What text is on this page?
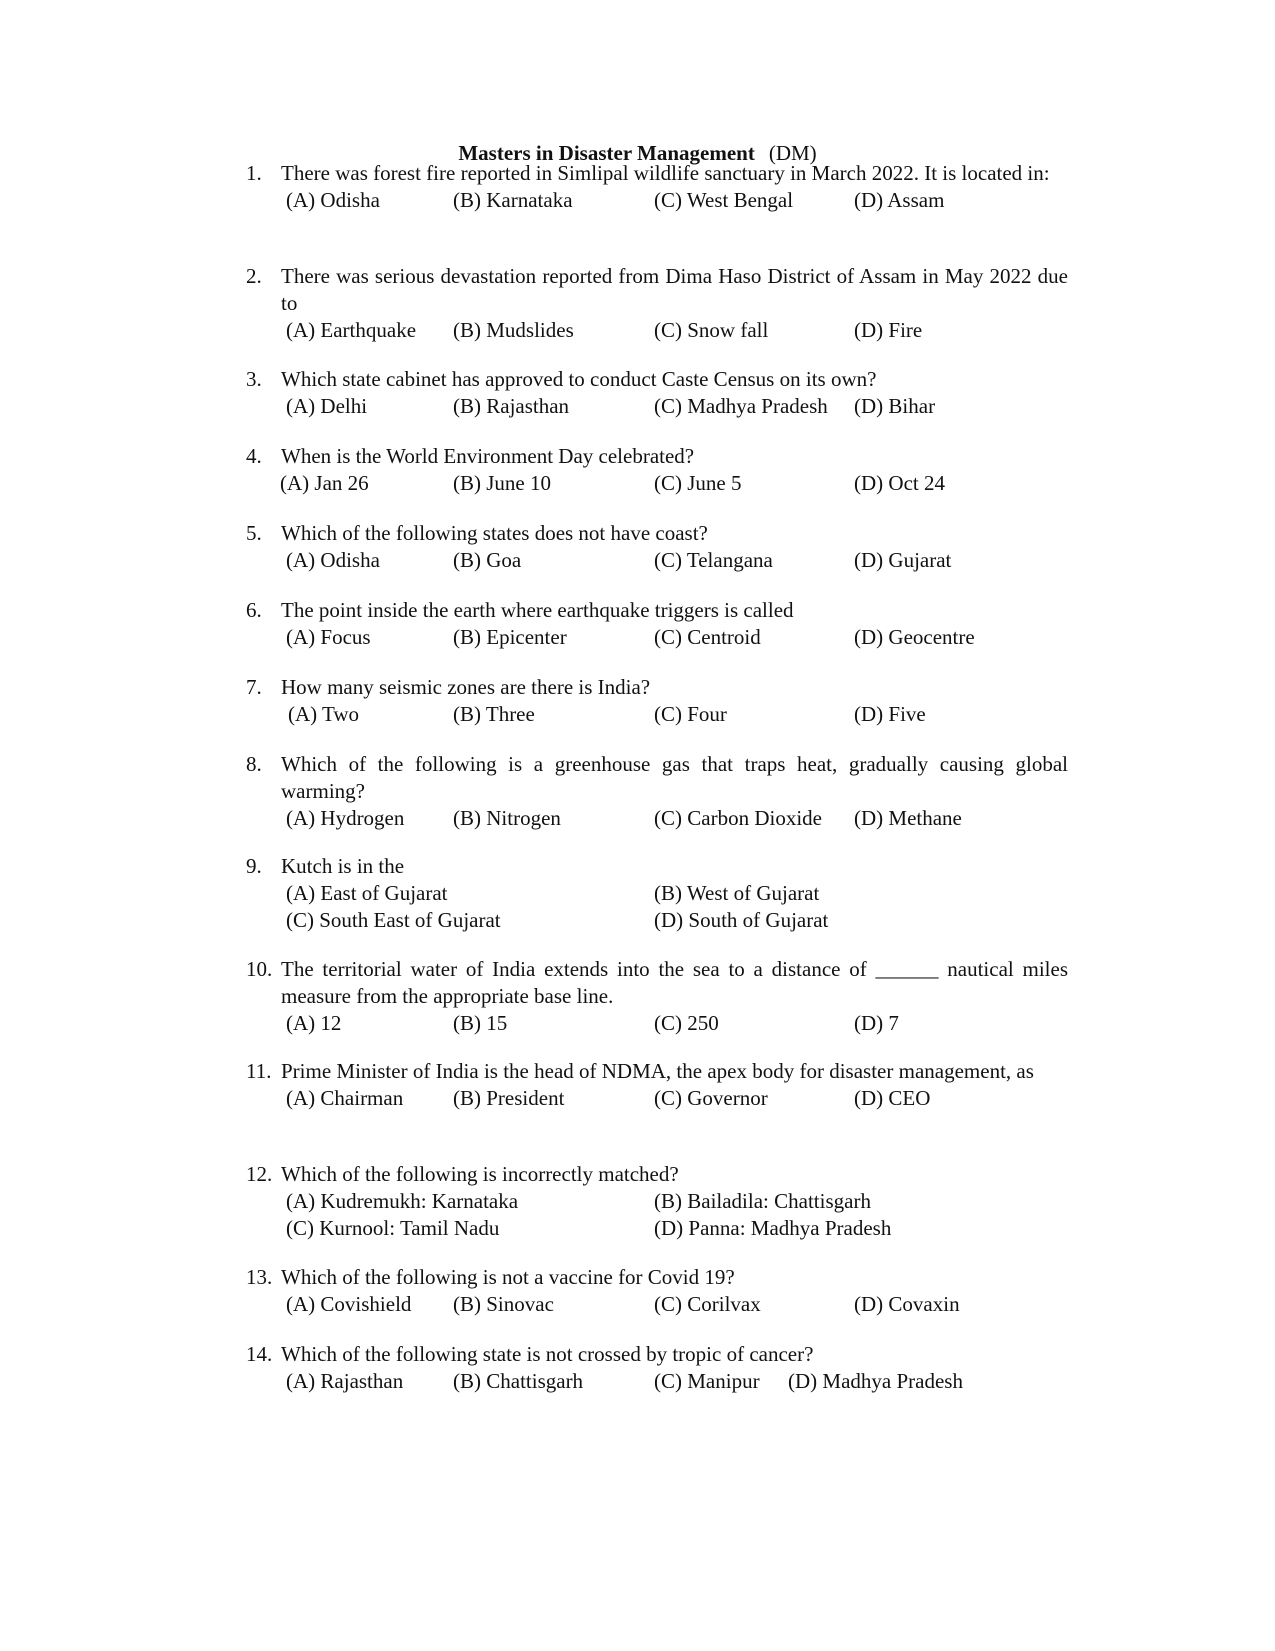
Masters in Disaster Management (DM)
1. There was forest fire reported in Simlipal wildlife sanctuary in March 2022. It is located in:
(A) Odisha	(B) Karnataka	(C) West Bengal	(D) Assam
2. There was serious devastation reported from Dima Haso District of Assam in May 2022 due to
(A) Earthquake (B) Mudslides	(C) Snow fall	(D) Fire
3. Which state cabinet has approved to conduct Caste Census on its own?
(A) Delhi	(B) Rajasthan	(C) Madhya Pradesh (D) Bihar
4. When is the World Environment Day celebrated?
(A) Jan 26	(B) June 10	(C) June 5	(D) Oct 24
5. Which of the following states does not have coast?
(A) Odisha	(B) Goa	(C) Telangana	(D) Gujarat
6. The point inside the earth where earthquake triggers is called
(A) Focus	(B) Epicenter	(C) Centroid	(D) Geocentre
7. How many seismic zones are there is India?
(A) Two	(B) Three	(C) Four	(D) Five
8. Which of the following is a greenhouse gas that traps heat, gradually causing global warming?
(A) Hydrogen (B) Nitrogen	(C) Carbon Dioxide (D) Methane
9. Kutch is in the
(A) East of Gujarat	(B) West of Gujarat
(C) South East of Gujarat	(D) South of Gujarat
10. The territorial water of India extends into the sea to a distance of ______ nautical miles measure from the appropriate base line.
(A) 12	(B) 15	(C) 250	(D) 7
11. Prime Minister of India is the head of NDMA, the apex body for disaster management, as
(A) Chairman (B) President	(C) Governor	(D) CEO
12. Which of the following is incorrectly matched?
(A) Kudremukh: Karnataka	(B) Bailadila: Chattisgarh
(C) Kurnool: Tamil Nadu	(D) Panna: Madhya Pradesh
13. Which of the following is not a vaccine for Covid 19?
(A) Covishield (B) Sinovac	(C) Corilvax	(D) Covaxin
14. Which of the following state is not crossed by tropic of cancer?
(A) Rajasthan (B) Chattisgarh	(C) Manipur (D) Madhya Pradesh
